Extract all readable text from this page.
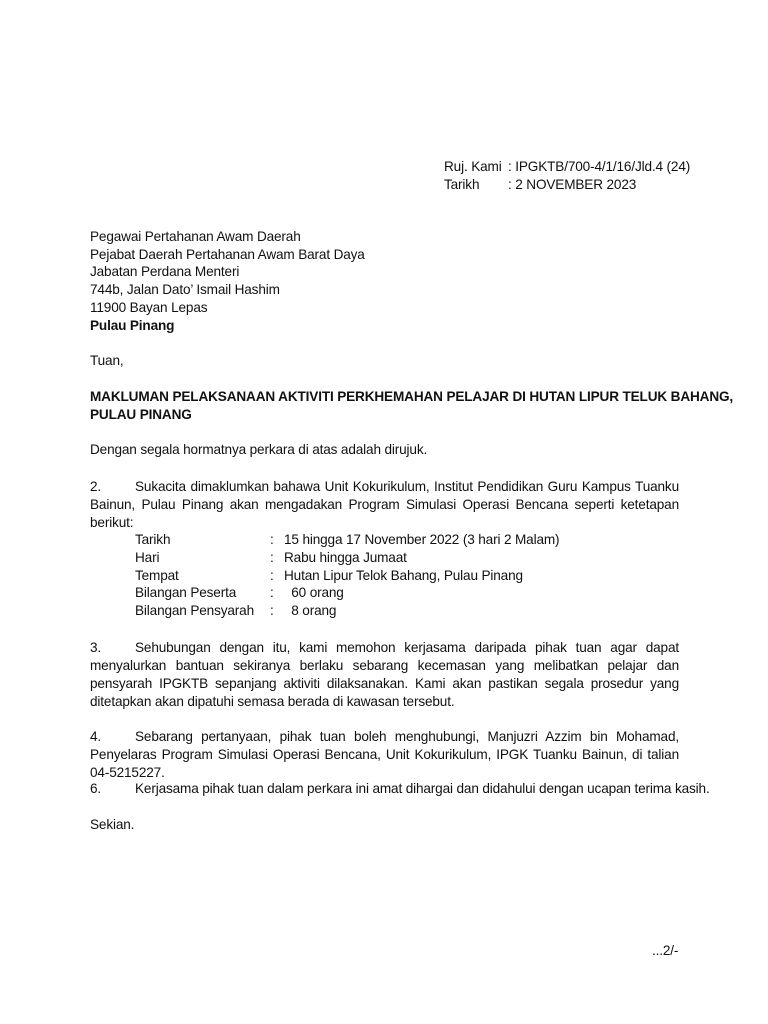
Ruj. Kami : IPGKTB/700-4/1/16/Jld.4 (24)
Tarikh : 2 NOVEMBER 2023
Pegawai Pertahanan Awam Daerah
Pejabat Daerah Pertahanan Awam Barat Daya
Jabatan Perdana Menteri
744b, Jalan Dato’ Ismail Hashim
11900 Bayan Lepas
Pulau Pinang
Tuan,
MAKLUMAN PELAKSANAAN AKTIVITI PERKHEMAHAN PELAJAR DI HUTAN LIPUR TELUK BAHANG,
PULAU PINANG
Dengan segala hormatnya perkara di atas adalah dirujuk.
2. Sukacita dimaklumkan bahawa Unit Kokurikulum, Institut Pendidikan Guru Kampus Tuanku Bainun, Pulau Pinang akan mengadakan Program Simulasi Operasi Bencana seperti ketetapan berikut:
Tarikh	:	15 hingga 17 November 2022 (3 hari 2 Malam)
Hari	:	Rabu hingga Jumaat
Tempat	:	Hutan Lipur Telok Bahang, Pulau Pinang
Bilangan Peserta	:	60 orang
Bilangan Pensyarah	:	8 orang
3. Sehubungan dengan itu, kami memohon kerjasama daripada pihak tuan agar dapat menyalurkan bantuan sekiranya berlaku sebarang kecemasan yang melibatkan pelajar dan pensyarah IPGKTB sepanjang aktiviti dilaksanakan. Kami akan pastikan segala prosedur yang ditetapkan akan dipatuhi semasa berada di kawasan tersebut.
4. Sebarang pertanyaan, pihak tuan boleh menghubungi, Manjuzri Azzim bin Mohamad, Penyelaras Program Simulasi Operasi Bencana, Unit Kokurikulum, IPGK Tuanku Bainun, di talian 04-5215227.
6. Kerjasama pihak tuan dalam perkara ini amat dihargai dan didahului dengan ucapan terima kasih.
Sekian.
...2/-
